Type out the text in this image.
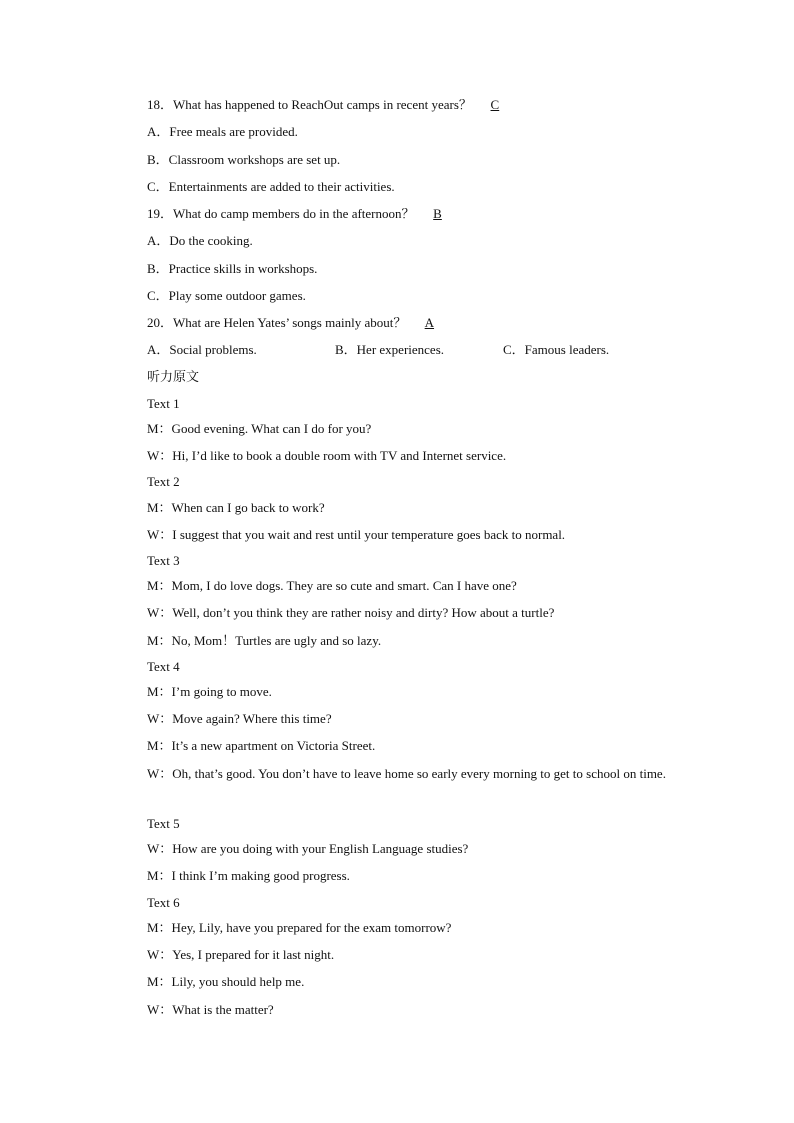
18．What has happened to ReachOut camps in recent years？ C
A．Free meals are provided.
B．Classroom workshops are set up.
C．Entertainments are added to their activities.
19．What do camp members do in the afternoon？ B
A．Do the cooking.
B．Practice skills in workshops.
C．Play some outdoor games.
20．What are Helen Yates’ songs mainly about？ A
A．Social problems.	B．Her experiences.	C．Famous leaders.
听力原文
Text 1
M：Good evening. What can I do for you?
W：Hi, I’d like to book a double room with TV and Internet service.
Text 2
M：When can I go back to work?
W：I suggest that you wait and rest until your temperature goes back to normal.
Text 3
M：Mom, I do love dogs. They are so cute and smart. Can I have one?
W：Well, don’t you think they are rather noisy and dirty? How about a turtle?
M：No, Mom！Turtles are ugly and so lazy.
Text 4
M：I’m going to move.
W：Move again? Where this time?
M：It’s a new apartment on Victoria Street.
W：Oh, that’s good. You don’t have to leave home so early every morning to get to school on time.
Text 5
W：How are you doing with your English Language studies?
M：I think I’m making good progress.
Text 6
M：Hey, Lily, have you prepared for the exam tomorrow?
W：Yes, I prepared for it last night.
M：Lily, you should help me.
W：What is the matter?
